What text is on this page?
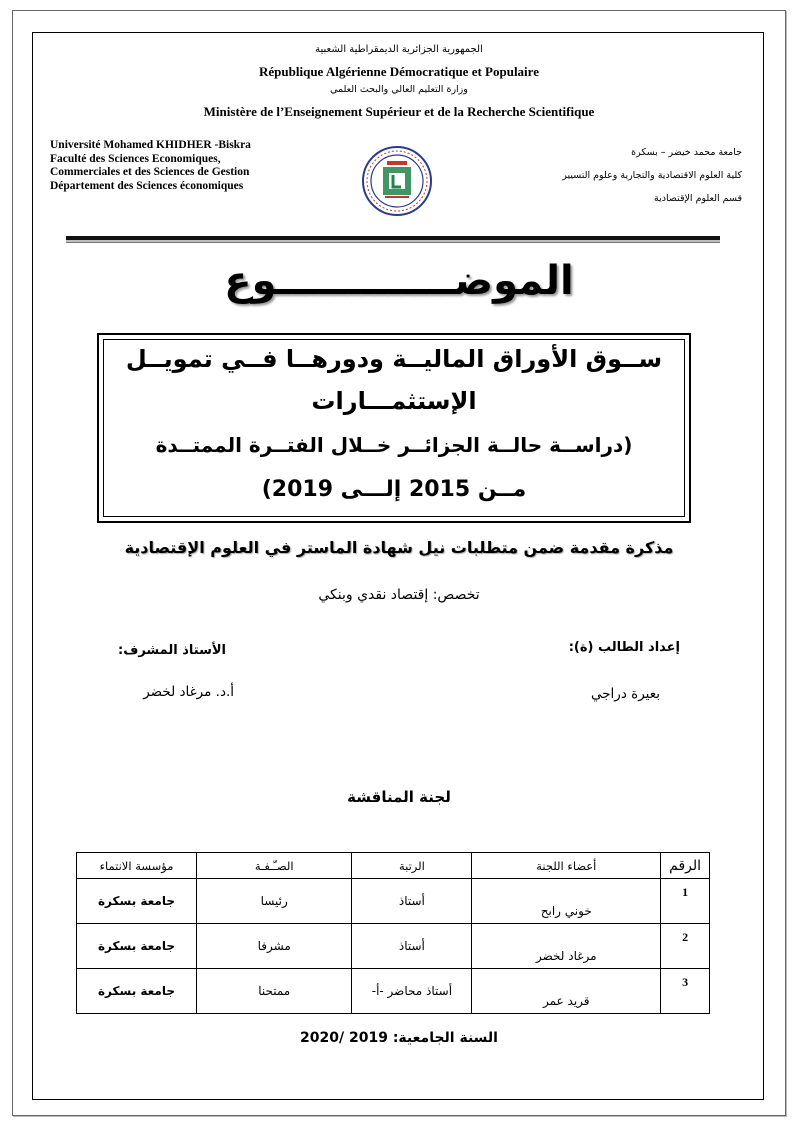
الجمهورية الجزائرية الديمقراطية الشعبية
République Algérienne Démocratique et Populaire
وزارة التعليم العالي والبحث العلمي
Ministère de l’Enseignement Supérieur et de la Recherche Scientifique
Université Mohamed KHIDHER -Biskra
Faculté des Sciences Economiques,
Commerciales et des Sciences de Gestion
Département des Sciences économiques
جامعة محمد خيضر – بسكرة
كلية العلوم الاقتصادية والتجارية وعلوم التسيير
قسم العلوم الإقتصادية
الموضـــــــــــــوع
ســوق الأوراق الماليــة ودورهــا فــي تمويــل
الإستثمـــارات
(دراســة حالــة الجزائــر خــلال الفتــرة الممتــدة
مــن 2015 إلـــى 2019)
مذكرة مقدمة ضمن متطلبات نيل شهادة الماستر في العلوم الإقتصادية
تخصص: إقتصاد نقدي وبنكي
إعداد الطالب (ة):
بعيرة دراجي
الأستاذ المشرف:
أ.د. مرغاد لخضر
لجنة المناقشة
الرقم	أعضاء اللجنة	الرتبة	الصـّـفـة	مؤسسة الانتماء
1	خوني رابح	أستاذ	رئيسا	جامعة بسكرة
2	مرغاد لخضر	أستاذ	مشرفا	جامعة بسكرة
3	قريد عمر	أستاذ محاضر -أ-	ممتحنا	جامعة بسكرة
السنة الجامعية: 2019 /2020
